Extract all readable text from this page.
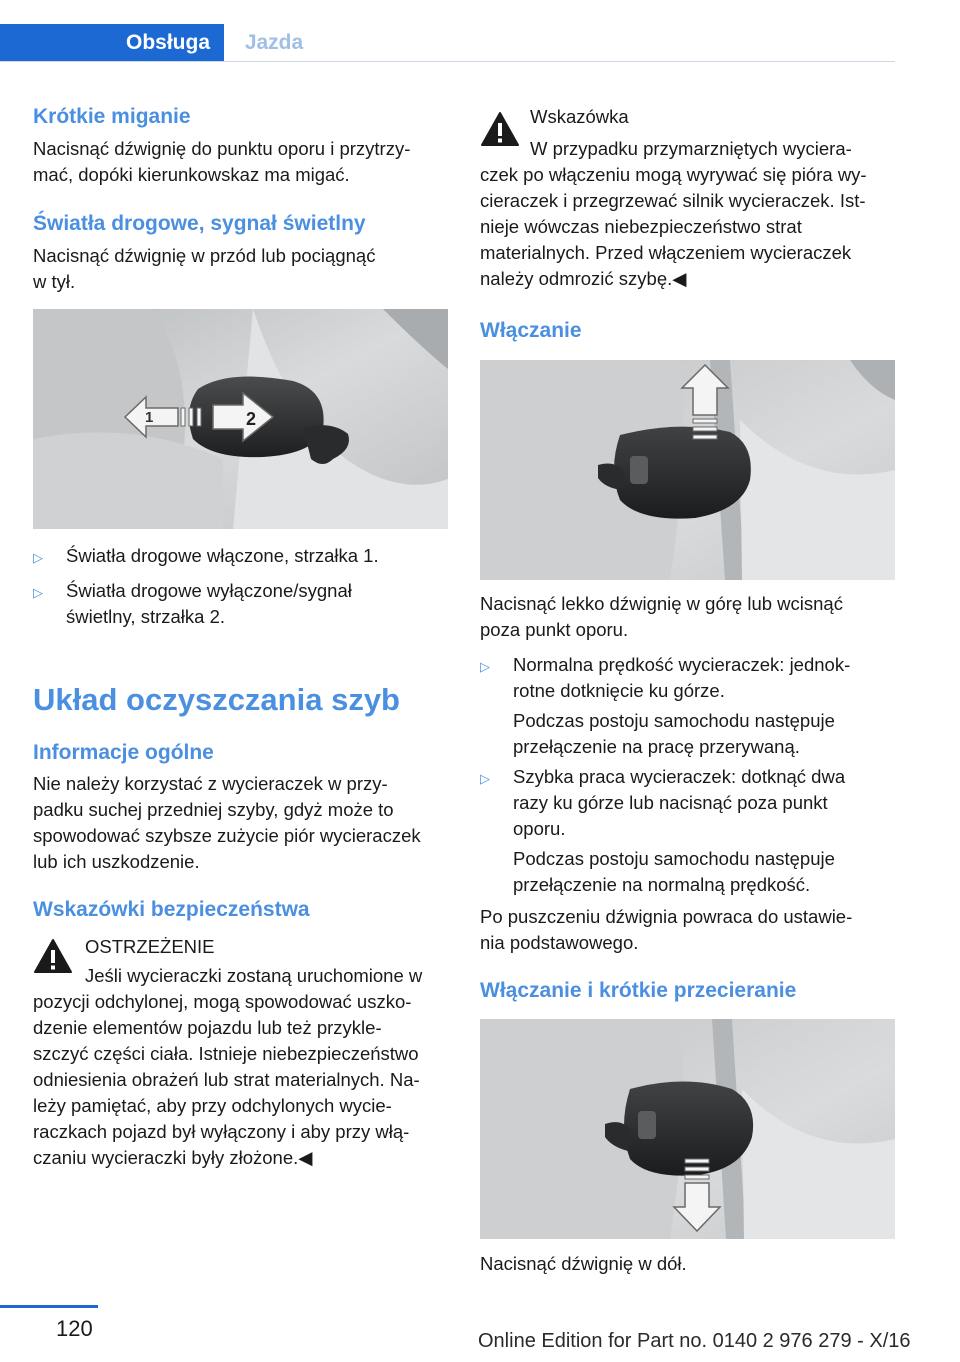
Obsługa	Jazda
Krótkie miganie
Nacisnąć dźwignię do punktu oporu i przytrzy‐
mać, dopóki kierunkowskaz ma migać.
Światła drogowe, sygnał świetlny
Nacisnąć dźwignię w przód lub pociągnąć
w tył.
1	2
▷ Światła drogowe włączone, strzałka 1.
▷ Światła drogowe wyłączone/sygnał
świetlny, strzałka 2.
Układ oczyszczania szyb
Informacje ogólne
Nie należy korzystać z wycieraczek w przy‐
padku suchej przedniej szyby, gdyż może to
spowodować szybsze zużycie piór wycieraczek
lub ich uszkodzenie.
Wskazówki bezpieczeństwa
OSTRZEŻENIE
Jeśli wycieraczki zostaną uruchomione w
pozycji odchylonej, mogą spowodować uszko‐
dzenie elementów pojazdu lub też przykle‐
szczyć części ciała. Istnieje niebezpieczeństwo
odniesienia obrażeń lub strat materialnych. Na‐
leży pamiętać, aby przy odchylonych wycie‐
raczkach pojazd był wyłączony i aby przy włą‐
czaniu wycieraczki były złożone.◀
Wskazówka
W przypadku przymarzniętych wyciera‐
czek po włączeniu mogą wyrywać się pióra wy‐
cieraczek i przegrzewać silnik wycieraczek. Ist‐
nieje wówczas niebezpieczeństwo strat
materialnych. Przed włączeniem wycieraczek
należy odmrozić szybę.◀
Włączanie
Nacisnąć lekko dźwignię w górę lub wcisnąć
poza punkt oporu.
▷ Normalna prędkość wycieraczek: jednok‐
rotne dotknięcie ku górze.
Podczas postoju samochodu następuje
przełączenie na pracę przerywaną.
▷ Szybka praca wycieraczek: dotknąć dwa
razy ku górze lub nacisnąć poza punkt
oporu.
Podczas postoju samochodu następuje
przełączenie na normalną prędkość.
Po puszczeniu dźwignia powraca do ustawie‐
nia podstawowego.
Włączanie i krótkie przecieranie
Nacisnąć dźwignię w dół.
120	Online Edition for Part no. 0140 2 976 279 - X/16
